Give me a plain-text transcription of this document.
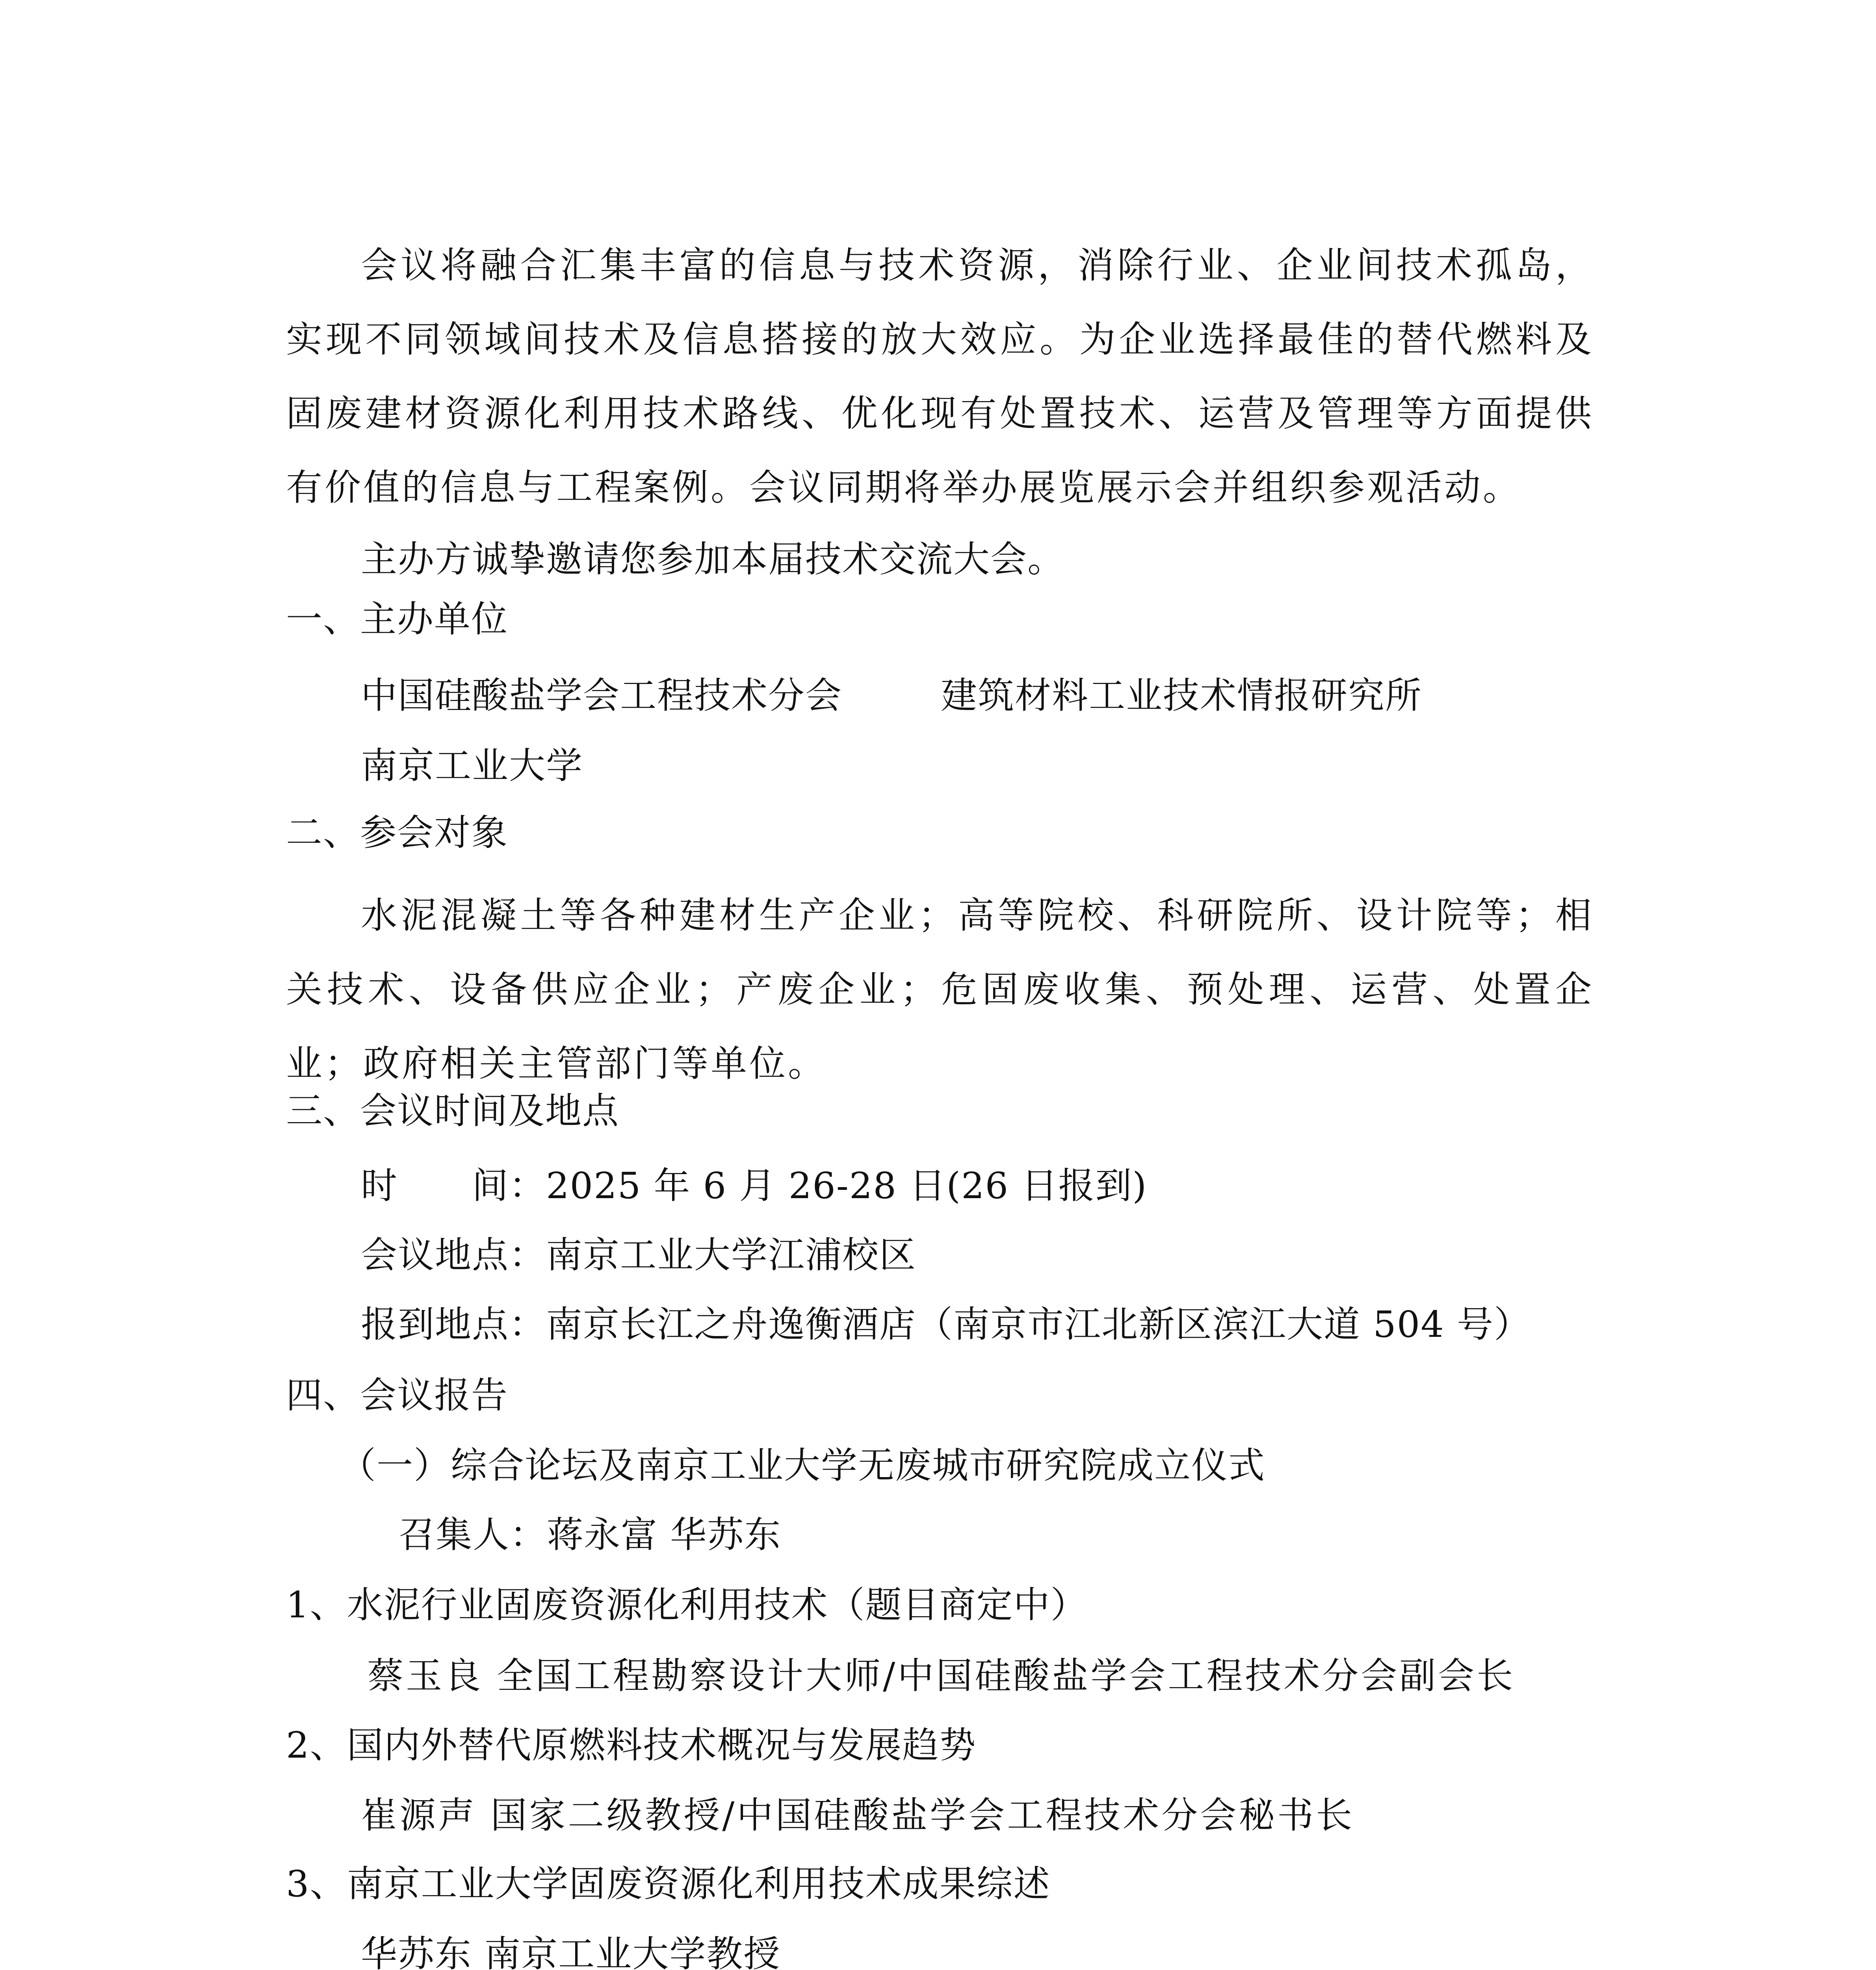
会议将融合汇集丰富的信息与技术资源，消除行业、企业间技术孤岛，实现不同领域间技术及信息搭接的放大效应。为企业选择最佳的替代燃料及固废建材资源化利用技术路线、优化现有处置技术、运营及管理等方面提供有价值的信息与工程案例。会议同期将举办展览展示会并组织参观活动。
主办方诚挚邀请您参加本届技术交流大会。
一、主办单位
中国硅酸盐学会工程技术分会	建筑材料工业技术情报研究所
南京工业大学
二、参会对象
水泥混凝土等各种建材生产企业；高等院校、科研院所、设计院等；相关技术、设备供应企业；产废企业；危固废收集、预处理、运营、处置企业；政府相关主管部门等单位。
三、会议时间及地点
时　　间：2025 年 6 月 26-28 日(26 日报到)
会议地点：南京工业大学江浦校区
报到地点：南京长江之舟逸衡酒店（南京市江北新区滨江大道 504 号）
四、会议报告
（一）综合论坛及南京工业大学无废城市研究院成立仪式
召集人：蒋永富 华苏东
1、水泥行业固废资源化利用技术（题目商定中）
蔡玉良 全国工程勘察设计大师/中国硅酸盐学会工程技术分会副会长
2、国内外替代原燃料技术概况与发展趋势
崔源声 国家二级教授/中国硅酸盐学会工程技术分会秘书长
3、南京工业大学固废资源化利用技术成果综述
华苏东 南京工业大学教授
